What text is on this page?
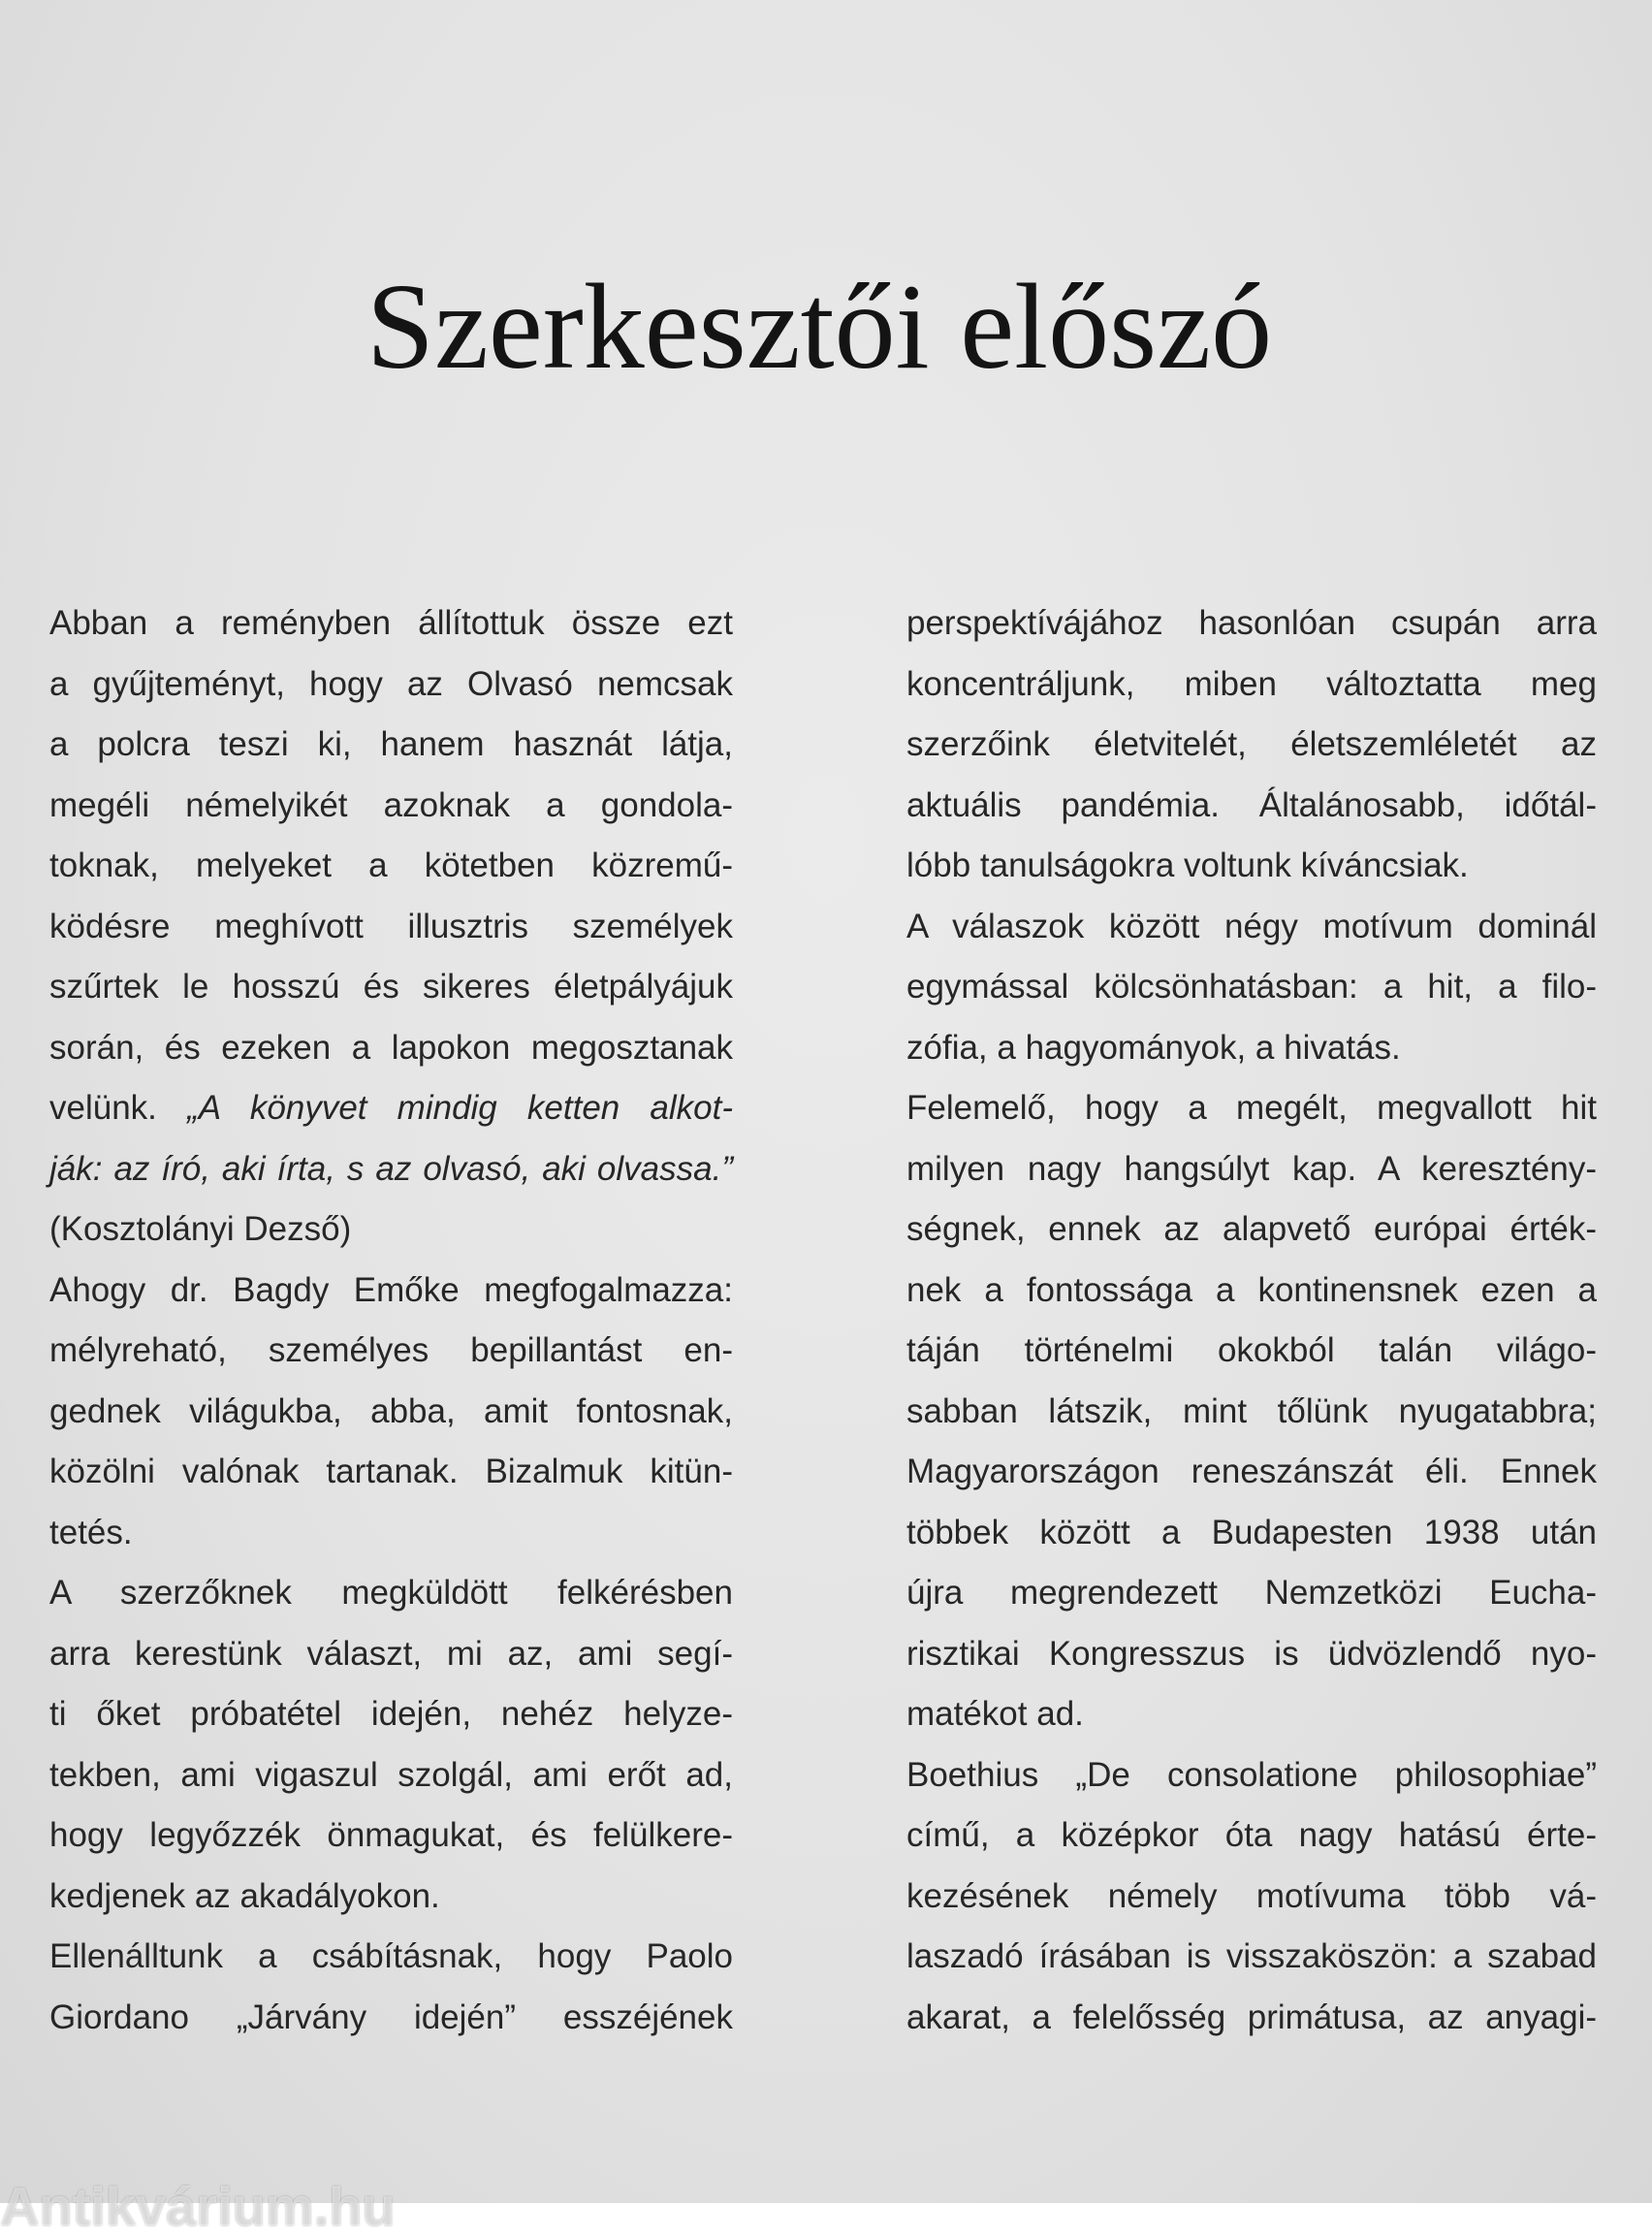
Szerkesztői előszó
Abban a reményben állítottuk össze ezt
a gyűjteményt, hogy az Olvasó nemcsak
a polcra teszi ki, hanem hasznát látja,
megéli némelyikét azoknak a gondola-
toknak, melyeket a kötetben közremű-
ködésre meghívott illusztris személyek
szűrtek le hosszú és sikeres életpályájuk
során, és ezeken a lapokon megosztanak
velünk. „A könyvet mindig ketten alkot-
ják: az író, aki írta, s az olvasó, aki olvassa.”
(Kosztolányi Dezső)
Ahogy dr. Bagdy Emőke megfogalmazza:
mélyreható, személyes bepillantást en-
gednek világukba, abba, amit fontosnak,
közölni valónak tartanak. Bizalmuk kitün-
tetés.
A szerzőknek megküldött felkérésben
arra kerestünk választ, mi az, ami segí-
ti őket próbatétel idején, nehéz helyze-
tekben, ami vigaszul szolgál, ami erőt ad,
hogy legyőzzék önmagukat, és felülkere-
kedjenek az akadályokon.
Ellenálltunk a csábításnak, hogy Paolo
Giordano „Járvány idején” esszéjének
perspektívájához hasonlóan csupán arra
koncentráljunk, miben változtatta meg
szerzőink életvitelét, életszemléletét az
aktuális pandémia. Általánosabb, időtál-
lóbb tanulságokra voltunk kíváncsiak.
A válaszok között négy motívum dominál
egymással kölcsönhatásban: a hit, a filo-
zófia, a hagyományok, a hivatás.
Felemelő, hogy a megélt, megvallott hit
milyen nagy hangsúlyt kap. A keresztény-
ségnek, ennek az alapvető európai érték-
nek a fontossága a kontinensnek ezen a
táján történelmi okokból talán világo-
sabban látszik, mint tőlünk nyugatabbra;
Magyarországon reneszánszát éli. Ennek
többek között a Budapesten 1938 után
újra megrendezett Nemzetközi Eucha-
risztikai Kongresszus is üdvözlendő nyo-
matékot ad.
Boethius „De consolatione philosophiae”
című, a középkor óta nagy hatású érte-
kezésének némely motívuma több vá-
laszadó írásában is visszaköszön: a szabad
akarat, a felelősség primátusa, az anyagi-
Antikvárium.hu
